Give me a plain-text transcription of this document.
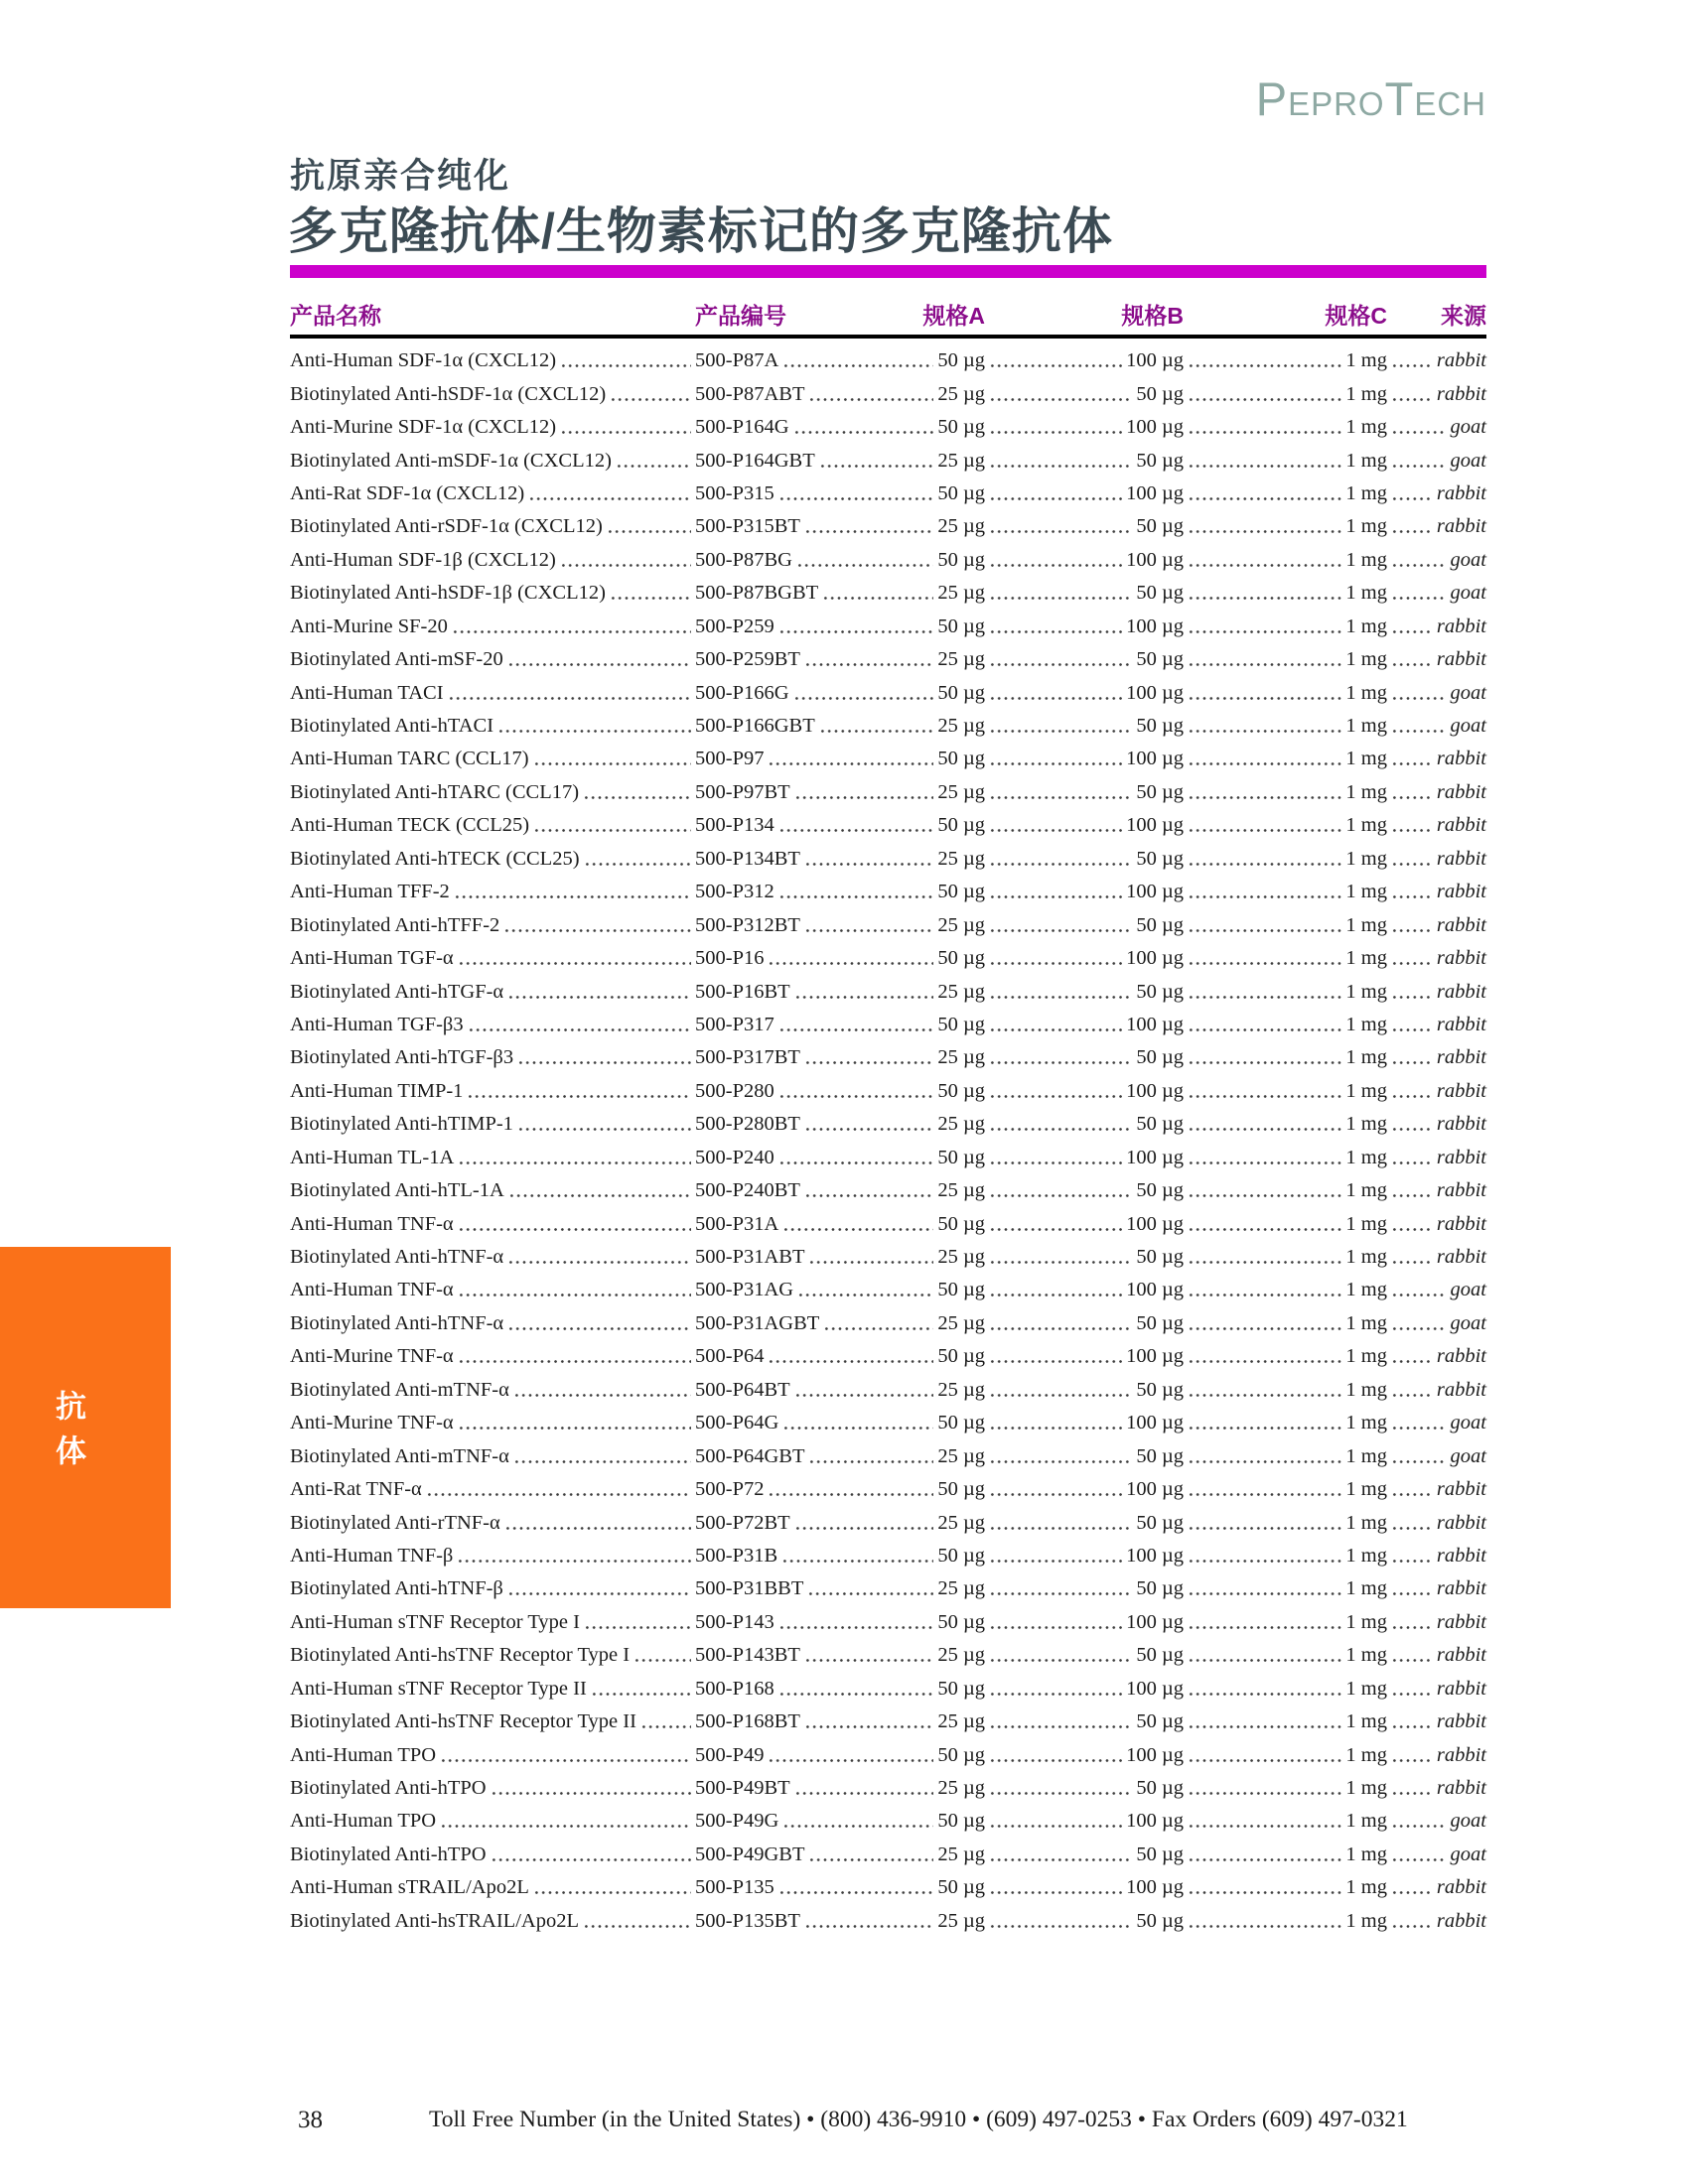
PEPROTECH
抗原亲合纯化
多克隆抗体/生物素标记的多克隆抗体
产品名称	产品编号	规格A	规格B	规格C	来源
Anti-Human SDF-1α (CXCL12)	500-P87A	50 µg	100 µg	1 mg rabbit
Biotinylated Anti-hSDF-1α (CXCL12)	500-P87ABT	25 µg	50 µg	1 mg rabbit
Anti-Murine SDF-1α (CXCL12)	500-P164G	50 µg	100 µg	1 mg	goat
Biotinylated Anti-mSDF-1α (CXCL12)	500-P164GBT	25 µg	50 µg	1 mg	goat
Anti-Rat SDF-1α (CXCL12)	500-P315	50 µg	100 µg	1 mg rabbit
Biotinylated Anti-rSDF-1α (CXCL12)	500-P315BT	25 µg	50 µg	1 mg rabbit
Anti-Human SDF-1β (CXCL12)	500-P87BG	50 µg	100 µg	1 mg	goat
Biotinylated Anti-hSDF-1β (CXCL12)	500-P87BGBT	25 µg	50 µg	1 mg	goat
Anti-Murine SF-20	500-P259	50 µg	100 µg	1 mg rabbit
Biotinylated Anti-mSF-20	500-P259BT	25 µg	50 µg	1 mg rabbit
Anti-Human TACI	500-P166G	50 µg	100 µg	1 mg	goat
Biotinylated Anti-hTACI	500-P166GBT	25 µg	50 µg	1 mg	goat
Anti-Human TARC (CCL17)	500-P97	50 µg	100 µg	1 mg rabbit
Biotinylated Anti-hTARC (CCL17)	500-P97BT	25 µg	50 µg	1 mg rabbit
Anti-Human TECK (CCL25)	500-P134	50 µg	100 µg	1 mg rabbit
Biotinylated Anti-hTECK (CCL25)	500-P134BT	25 µg	50 µg	1 mg rabbit
Anti-Human TFF-2	500-P312	50 µg	100 µg	1 mg rabbit
Biotinylated Anti-hTFF-2	500-P312BT	25 µg	50 µg	1 mg rabbit
Anti-Human TGF-α	500-P16	50 µg	100 µg	1 mg rabbit
Biotinylated Anti-hTGF-α	500-P16BT	25 µg	50 µg	1 mg rabbit
Anti-Human TGF-β3	500-P317	50 µg	100 µg	1 mg rabbit
Biotinylated Anti-hTGF-β3	500-P317BT	25 µg	50 µg	1 mg rabbit
Anti-Human TIMP-1	500-P280	50 µg	100 µg	1 mg rabbit
Biotinylated Anti-hTIMP-1	500-P280BT	25 µg	50 µg	1 mg rabbit
Anti-Human TL-1A	500-P240	50 µg	100 µg	1 mg rabbit
Biotinylated Anti-hTL-1A	500-P240BT	25 µg	50 µg	1 mg rabbit
Anti-Human TNF-α	500-P31A	50 µg	100 µg	1 mg rabbit
Biotinylated Anti-hTNF-α	500-P31ABT	25 µg	50 µg	1 mg rabbit
Anti-Human TNF-α	500-P31AG	50 µg	100 µg	1 mg	goat
Biotinylated Anti-hTNF-α	500-P31AGBT	25 µg	50 µg	1 mg	goat
Anti-Murine TNF-α	500-P64	50 µg	100 µg	1 mg rabbit
Biotinylated Anti-mTNF-α	500-P64BT	25 µg	50 µg	1 mg rabbit
Anti-Murine TNF-α	500-P64G	50 µg	100 µg	1 mg	goat
Biotinylated Anti-mTNF-α	500-P64GBT	25 µg	50 µg	1 mg	goat
Anti-Rat TNF-α	500-P72	50 µg	100 µg	1 mg rabbit
Biotinylated Anti-rTNF-α	500-P72BT	25 µg	50 µg	1 mg rabbit
Anti-Human TNF-β	500-P31B	50 µg	100 µg	1 mg rabbit
Biotinylated Anti-hTNF-β	500-P31BBT	25 µg	50 µg	1 mg rabbit
Anti-Human sTNF Receptor Type I	500-P143	50 µg	100 µg	1 mg rabbit
Biotinylated Anti-hsTNF Receptor Type I	500-P143BT	25 µg	50 µg	1 mg rabbit
Anti-Human sTNF Receptor Type II	500-P168	50 µg	100 µg	1 mg rabbit
Biotinylated Anti-hsTNF Receptor Type II	500-P168BT	25 µg	50 µg	1 mg rabbit
Anti-Human TPO	500-P49	50 µg	100 µg	1 mg rabbit
Biotinylated Anti-hTPO	500-P49BT	25 µg	50 µg	1 mg rabbit
Anti-Human TPO	500-P49G	50 µg	100 µg	1 mg	goat
Biotinylated Anti-hTPO	500-P49GBT	25 µg	50 µg	1 mg	goat
Anti-Human sTRAIL/Apo2L	500-P135	50 µg	100 µg	1 mg rabbit
Biotinylated Anti-hsTRAIL/Apo2L	500-P135BT	25 µg	50 µg	1 mg rabbit
抗体
38	Toll Free Number (in the United States) • (800) 436-9910 • (609) 497-0253 • Fax Orders (609) 497-0321
